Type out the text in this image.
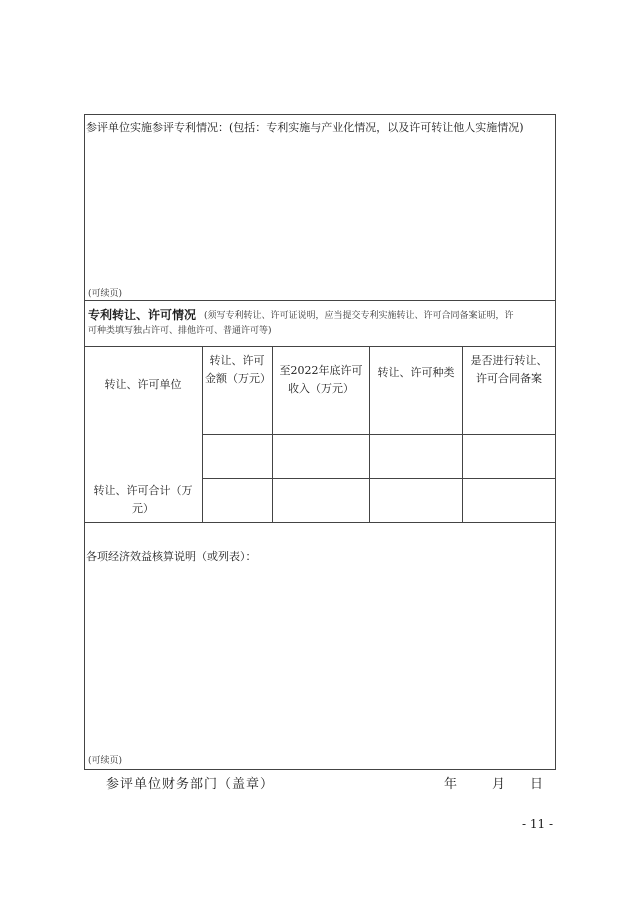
参评单位实施参评专利情况：(包括：专利实施与产业化情况，以及许可转让他人实施情况)
(可续页)
专利转让、许可情况 (须写专利转让、许可证说明，应当提交专利实施转让、许可合同备案证明，许
可种类填写独占许可、排他许可、普通许可等)
转让、许可单位
转让、许可金额（万元）
至2022年底许可收入（万元）
转让、许可种类
是否进行转让、许可合同备案
转让、许可合计（万元）
各项经济效益核算说明（或列表）：
(可续页)
参评单位财务部门（盖章）	年	月 日
- 11 -
